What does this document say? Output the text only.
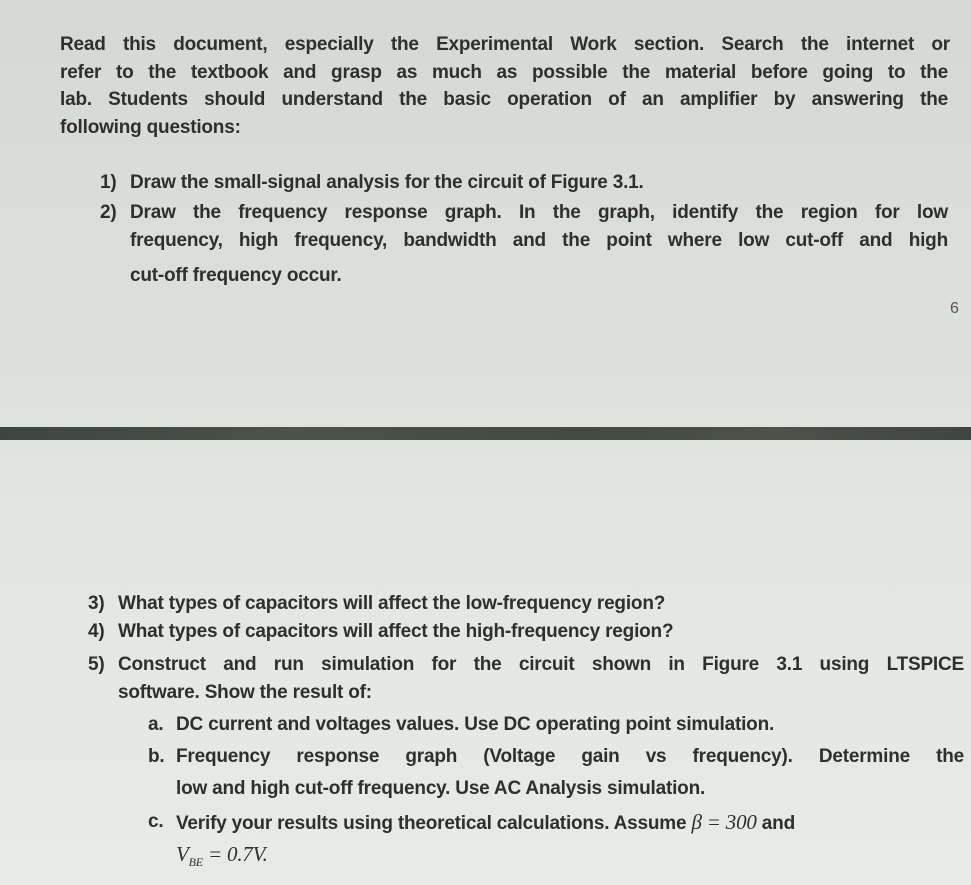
Read this document, especially the Experimental Work section. Search the internet or
refer to the textbook and grasp as much as possible the material before going to the
lab. Students should understand the basic operation of an amplifier by answering the
following questions:
1) Draw the small-signal analysis for the circuit of Figure 3.1.
2) Draw the frequency response graph. In the graph, identify the region for low
frequency, high frequency, bandwidth and the point where low cut-off and high
cut-off frequency occur.
6
3) What types of capacitors will affect the low-frequency region?
4) What types of capacitors will affect the high-frequency region?
5) Construct and run simulation for the circuit shown in Figure 3.1 using LTSPICE
software. Show the result of:
a. DC current and voltages values. Use DC operating point simulation.
b. Frequency response graph (Voltage gain vs frequency). Determine the
low and high cut-off frequency. Use AC Analysis simulation.
c. Verify your results using theoretical calculations. Assume β = 300 and
$V_{BE} = 0.7V$.
